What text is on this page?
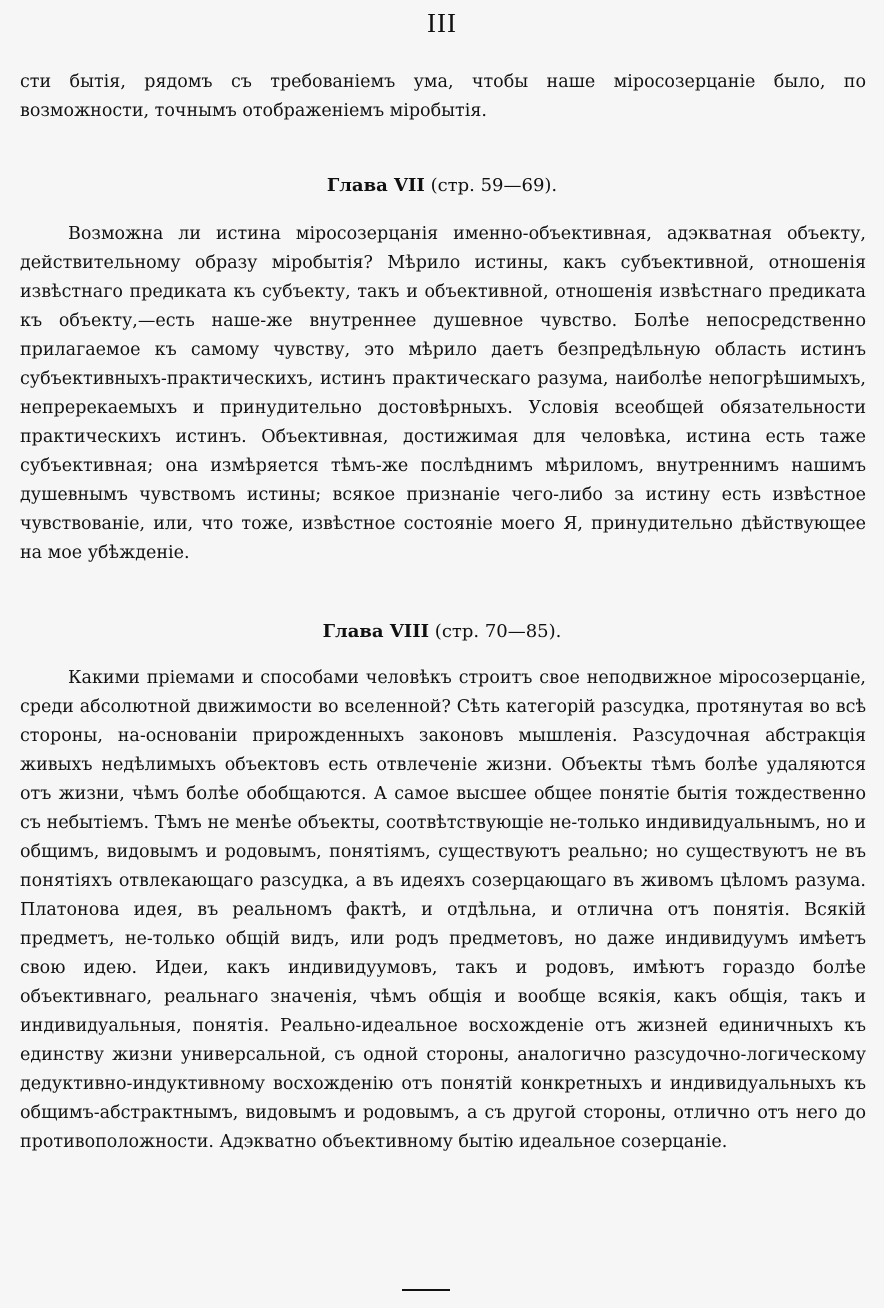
III
сти бытія, рядомъ съ требованіемъ ума, чтобы наше міросозерцаніе было, по возможности, точнымъ отображеніемъ міробытія.
Глава VII (стр. 59—69).
Возможна ли истина міросозерцанія именно-объективная, адэкватная объекту, действительному образу міробытія? Мѣрило истины, какъ субъективной, отношенія извѣстнаго предиката къ субъекту, такъ и объективной, отношенія извѣстнаго предиката къ объекту,—есть наше-же внутреннее душевное чувство. Болѣе непосредственно прилагаемое къ самому чувству, это мѣрило даетъ безпредѣльную область истинъ субъективныхъ-практическихъ, истинъ практическаго разума, наиболѣе непогрѣшимыхъ, непререкаемыхъ и принудительно достовѣрныхъ. Условія всеобщей обязательности практическихъ истинъ. Объективная, достижимая для человѣка, истина есть таже субъективная; она измѣряется тѣмъ-же послѣднимъ мѣриломъ, внутреннимъ нашимъ душевнымъ чувствомъ истины; всякое признаніе чего-либо за истину есть извѣстное чувствованіе, или, что тоже, извѣстное состояніе моего Я, принудительно дѣйствующее на мое убѣжденіе.
Глава VIII (стр. 70—85).
Какими пріемами и способами человѣкъ строитъ свое неподвижное міросозерцаніе, среди абсолютной движимости во вселенной? Сѣть категорій разсудка, протянутая во всѣ стороны, на-основаніи прирожденныхъ законовъ мышленія. Разсудочная абстракція живыхъ недѣлимыхъ объектовъ есть отвлеченіе жизни. Объекты тѣмъ болѣе удаляются отъ жизни, чѣмъ болѣе обобщаются. А самое высшее общее понятіе бытія тождественно съ небытіемъ. Тѣмъ не менѣе объекты, соотвѣтствующіе не-только индивидуальнымъ, но и общимъ, видовымъ и родовымъ, понятіямъ, существуютъ реально; но существуютъ не въ понятіяхъ отвлекающаго разсудка, а въ идеяхъ созерцающаго въ живомъ цѣломъ разума. Платонова идея, въ реальномъ фактѣ, и отдѣльна, и отлична отъ понятія. Всякій предметъ, не-только общій видъ, или родъ предметовъ, но даже индивидуумъ имѣетъ свою идею. Идеи, какъ индивидуумовъ, такъ и родовъ, имѣютъ гораздо болѣе объективнаго, реальнаго значенія, чѣмъ общія и вообще всякія, какъ общія, такъ и индивидуальныя, понятія. Реально-идеальное восхожденіе отъ жизней единичныхъ къ единству жизни универсальной, съ одной стороны, аналогично разсудочно-логическому дедуктивно-индуктивному восхожденію отъ понятій конкретныхъ и индивидуальныхъ къ общимъ-абстрактнымъ, видовымъ и родовымъ, а съ другой стороны, отлично отъ него до противоположности. Адэкватно объективному бытію идеальное созерцаніе.
